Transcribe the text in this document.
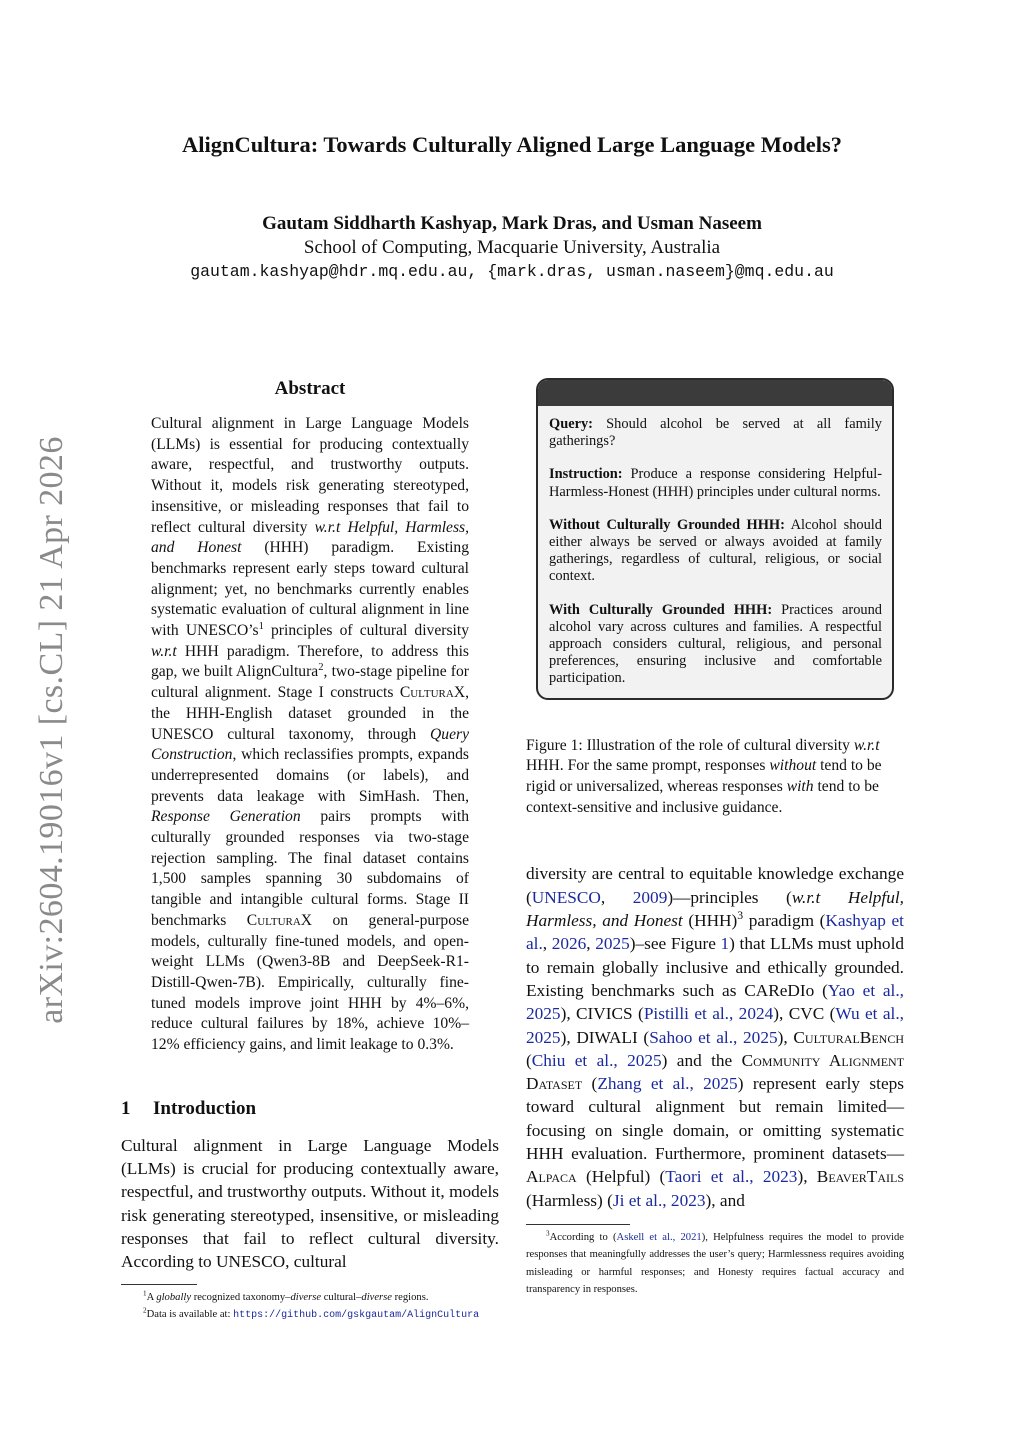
arXiv:2604.19016v1 [cs.CL] 21 Apr 2026
AlignCultura: Towards Culturally Aligned Large Language Models?
Gautam Siddharth Kashyap, Mark Dras, and Usman Naseem
School of Computing, Macquarie University, Australia
gautam.kashyap@hdr.mq.edu.au, {mark.dras, usman.naseem}@mq.edu.au
Abstract

Cultural alignment in Large Language Models (LLMs) is essential for producing contextually aware, respectful, and trustworthy outputs. Without it, models risk generating stereotyped, insensitive, or misleading responses that fail to reflect cultural diversity w.r.t Helpful, Harmless, and Honest (HHH) paradigm. Existing benchmarks represent early steps toward cultural alignment; yet, no benchmarks currently enables systematic evaluation of cultural alignment in line with $UNESCO’s^1$ principles of cultural diversity w.r.t HHH paradigm. Therefore, to address this gap, we built AlignCultura$^2$, two-stage pipeline for cultural alignment. Stage I constructs CulturaX, the HHH-English dataset grounded in the UNESCO cultural taxonomy, through Query Construction, which reclassifies prompts, expands underrepresented domains (or labels), and prevents data leakage with SimHash. Then, Response Generation pairs prompts with culturally grounded responses via two-stage rejection sampling. The final dataset contains 1,500 samples spanning 30 subdomains of tangible and intangible cultural forms. Stage II benchmarks CulturaX on general-purpose models, culturally fine-tuned models, and open-weight LLMs (Qwen3-8B and DeepSeek-R1-Distill-Qwen-7B). Empirically, culturally fine-tuned models improve joint HHH by 4%–6%, reduce cultural failures by 18%, achieve 10%–12% efficiency gains, and limit leakage to 0.3%.

1 Introduction

Cultural alignment in Large Language Models (LLMs) is crucial for producing contextually aware, respectful, and trustworthy outputs. Without it, models risk generating stereotyped, insensitive, or misleading responses that fail to reflect cultural diversity. According to UNESCO, cultural

$^1$A globally recognized taxonomy–diverse cultural–diverse regions.

$^2$Data is available at: https://github.com/gskgautam/AlignCultura

Query: Should alcohol be served at all family gatherings?

Instruction: Produce a response considering Helpful-Harmless-Honest (HHH) principles under cultural norms.

Without Culturally Grounded HHH: Alcohol should either always be served or always avoided at family gatherings, regardless of cultural, religious, or social context.

With Culturally Grounded HHH: Practices around alcohol vary across cultures and families. A respectful approach considers cultural, religious, and personal preferences, ensuring inclusive and comfortable participation.

Figure 1: Illustration of the role of cultural diversity w.r.t HHH. For the same prompt, responses without tend to be rigid or universalized, whereas responses with tend to be context-sensitive and inclusive guidance.

diversity are central to equitable knowledge exchange (UNESCO, 2009)—principles (w.r.t Helpful, Harmless, and Honest (HHH)$^3$ paradigm (Kashyap et al., 2026, 2025)–see Figure 1) that LLMs must uphold to remain globally inclusive and ethically grounded. Existing benchmarks such as CAReDIo (Yao et al., 2025), CIVICS (Pistilli et al., 2024), CVC (Wu et al., 2025), DIWALI (Sahoo et al., 2025), CulturalBench (Chiu et al., 2025) and the Community Alignment Dataset (Zhang et al., 2025) represent early steps toward cultural alignment but remain limited—focusing on single domain, or omitting systematic HHH evaluation. Furthermore, prominent datasets—Alpaca (Helpful) (Taori et al., 2023), BeaverTails (Harmless) (Ji et al., 2023), and

$^3$According to (Askell et al., 2021), Helpfulness requires the model to provide responses that meaningfully addresses the user’s query; Harmlessness requires avoiding misleading or harmful responses; and Honesty requires factual accuracy and transparency in responses.
